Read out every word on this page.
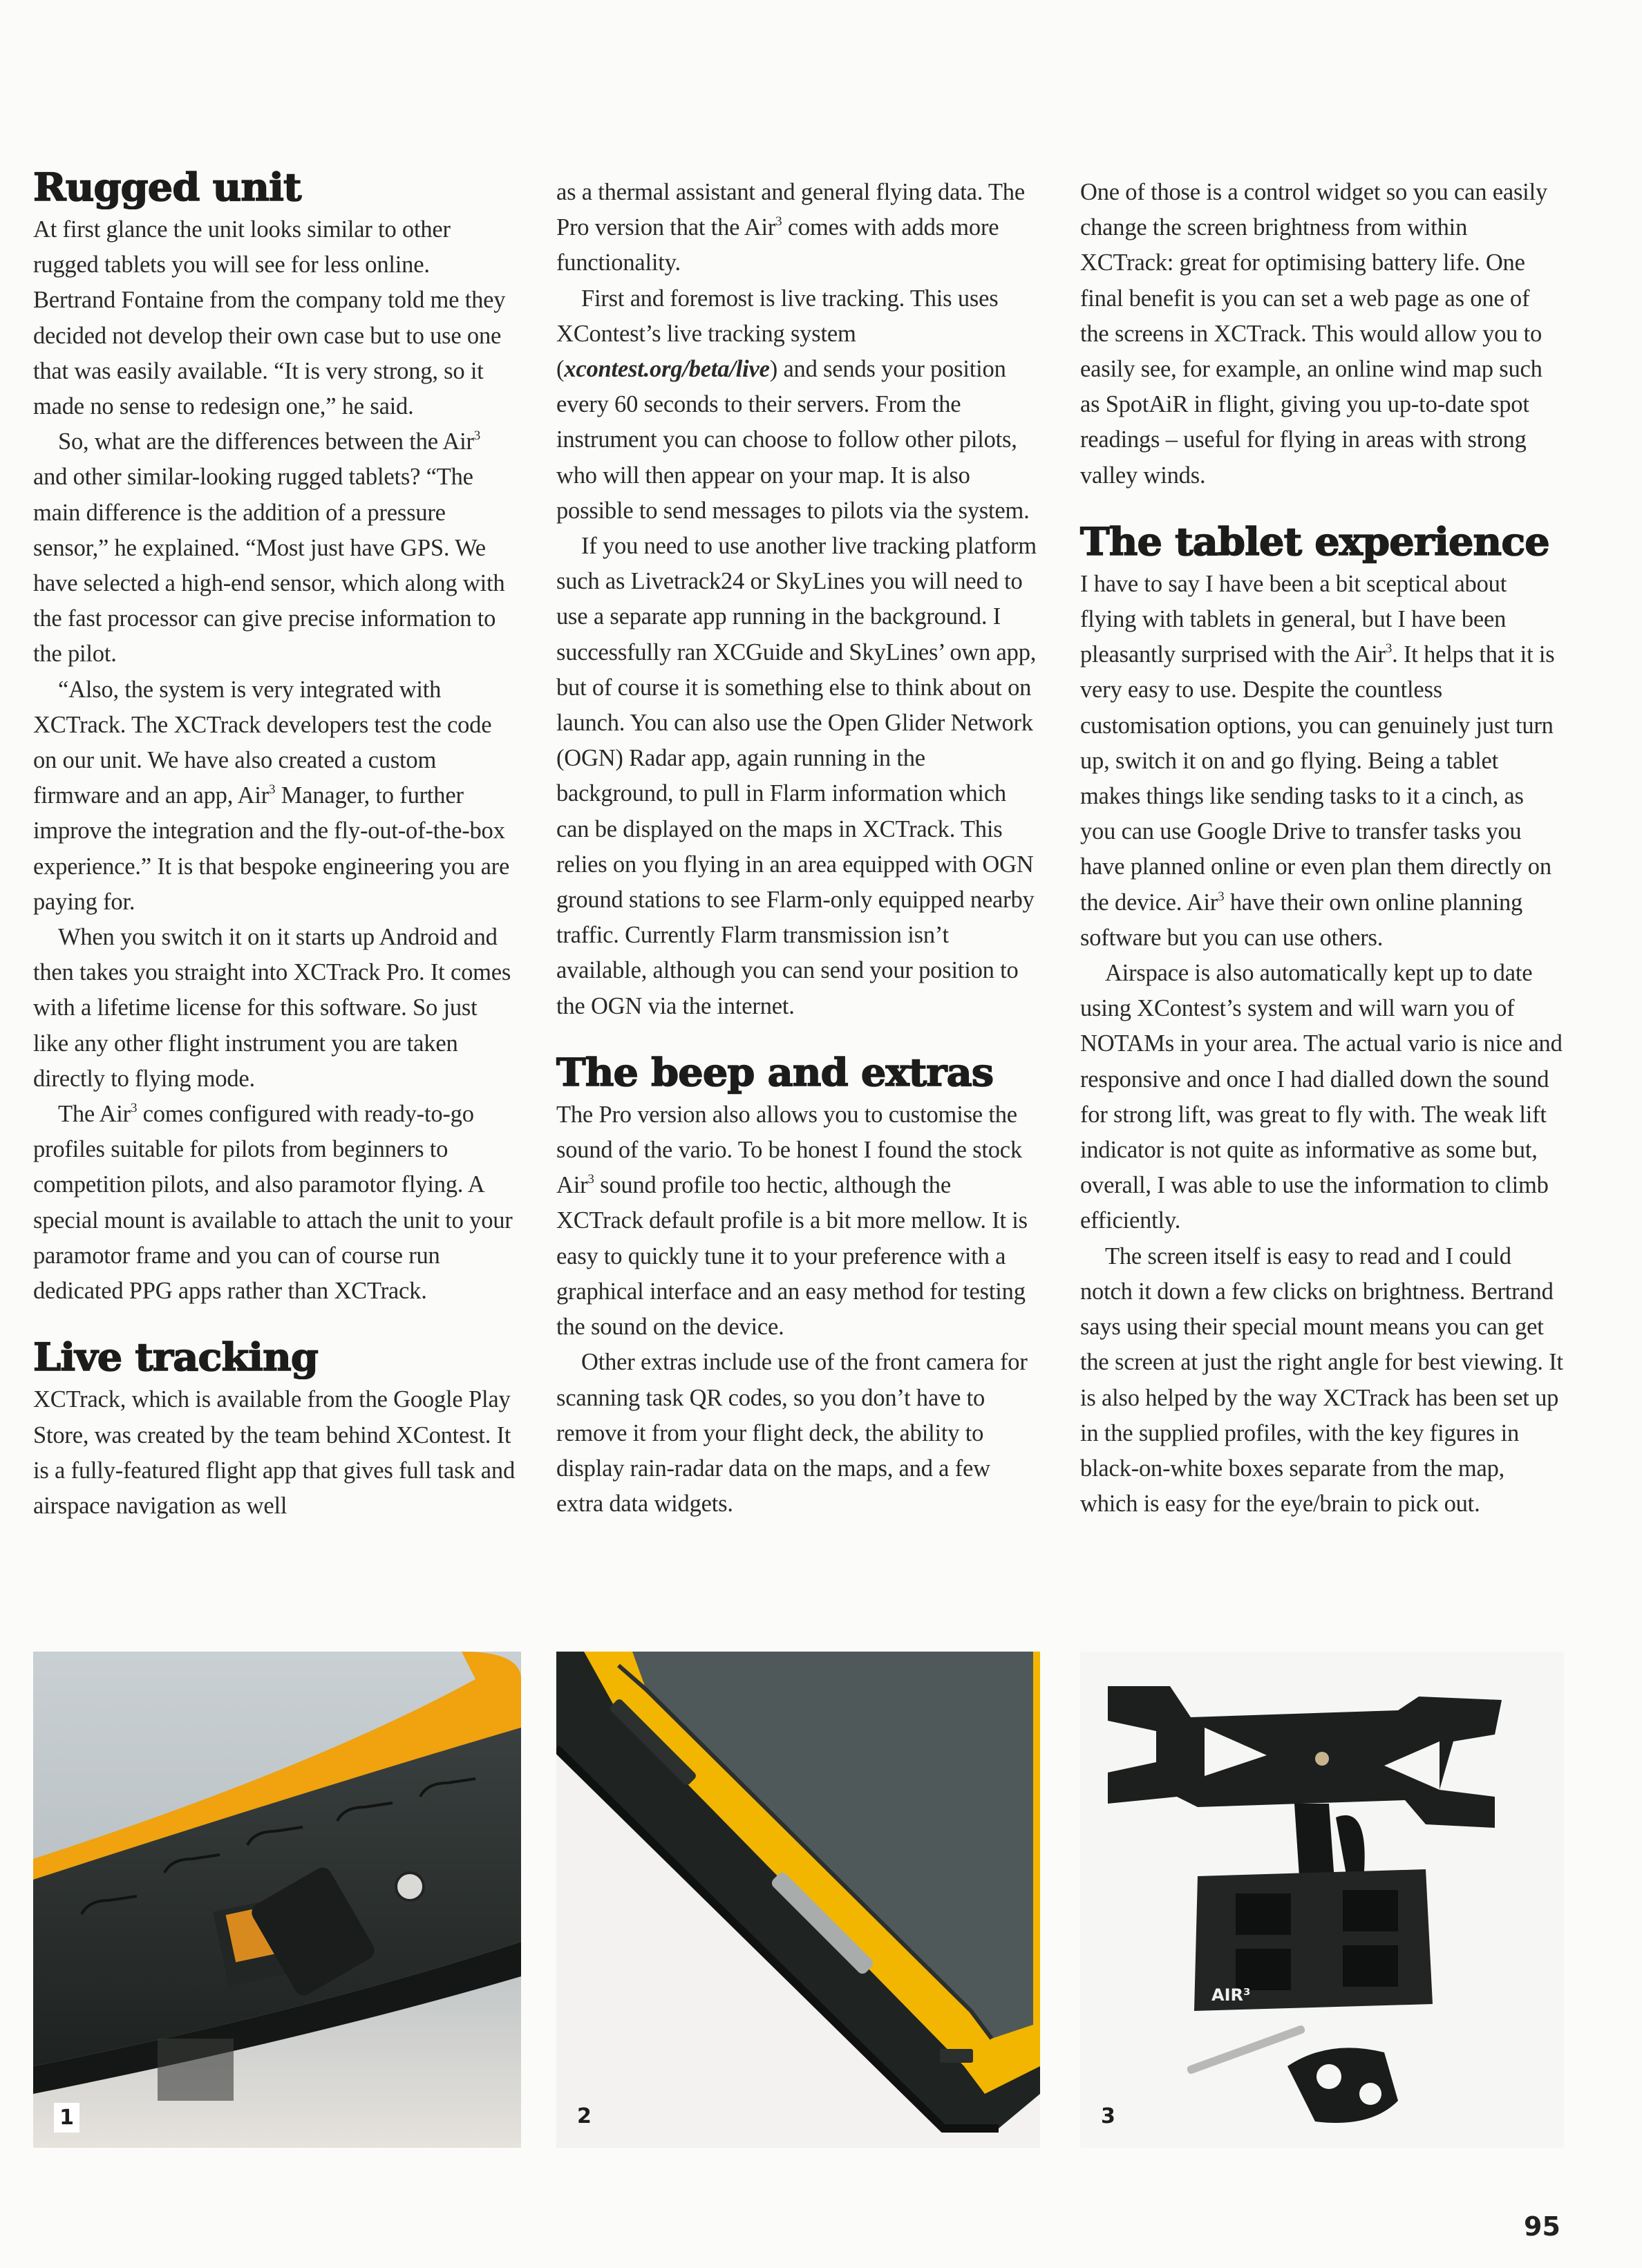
Rugged unit

At first glance the unit looks similar to other rugged tablets you will see for less online. Bertrand Fontaine from the company told me they decided not develop their own case but to use one that was easily available. “It is very strong, so it made no sense to redesign one,” he said.

So, what are the differences between the Air$^3$ and other similar-looking rugged tablets? “The main difference is the addition of a pressure sensor,” he explained. “Most just have GPS. We have selected a high-end sensor, which along with the fast processor can give precise information to the pilot.

“Also, the system is very integrated with XCTrack. The XCTrack developers test the code on our unit. We have also created a custom firmware and an app, Air$^3$ Manager, to further improve the integration and the fly-out-of-the-box experience.” It is that bespoke engineering you are paying for.

When you switch it on it starts up Android and then takes you straight into XCTrack Pro. It comes with a lifetime license for this software. So just like any other flight instrument you are taken directly to flying mode.

The Air$^3$ comes configured with ready-to-go profiles suitable for pilots from beginners to competition pilots, and also paramotor flying. A special mount is available to attach the unit to your paramotor frame and you can of course run dedicated PPG apps rather than XCTrack.

Live tracking

XCTrack, which is available from the Google Play Store, was created by the team behind XContest. It is a fully-featured flight app that gives full task and airspace navigation as well

as a thermal assistant and general flying data. The Pro version that the Air$^3$ comes with adds more functionality.

First and foremost is live tracking. This uses XContest’s live tracking system (xcontest.org/beta/live) and sends your position every 60 seconds to their servers. From the instrument you can choose to follow other pilots, who will then appear on your map. It is also possible to send messages to pilots via the system.

If you need to use another live tracking platform such as Livetrack24 or SkyLines you will need to use a separate app running in the background. I successfully ran XCGuide and SkyLines’ own app, but of course it is something else to think about on launch. You can also use the Open Glider Network (OGN) Radar app, again running in the background, to pull in Flarm information which can be displayed on the maps in XCTrack. This relies on you flying in an area equipped with OGN ground stations to see Flarm-only equipped nearby traffic. Currently Flarm transmission isn’t available, although you can send your position to the OGN via the internet.

The beep and extras

The Pro version also allows you to customise the sound of the vario. To be honest I found the stock Air$^3$ sound profile too hectic, although the XCTrack default profile is a bit more mellow. It is easy to quickly tune it to your preference with a graphical interface and an easy method for testing the sound on the device.

Other extras include use of the front camera for scanning task QR codes, so you don’t have to remove it from your flight deck, the ability to display rain-radar data on the maps, and a few extra data widgets.

One of those is a control widget so you can easily change the screen brightness from within XCTrack: great for optimising battery life. One final benefit is you can set a web page as one of the screens in XCTrack. This would allow you to easily see, for example, an online wind map such as SpotAiR in flight, giving you up-to-date spot readings – useful for flying in areas with strong valley winds.

The tablet experience

I have to say I have been a bit sceptical about flying with tablets in general, but I have been pleasantly surprised with the Air$^3$. It helps that it is very easy to use. Despite the countless customisation options, you can genuinely just turn up, switch it on and go flying. Being a tablet makes things like sending tasks to it a cinch, as you can use Google Drive to transfer tasks you have planned online or even plan them directly on the device. Air$^3$ have their own online planning software but you can use others.

Airspace is also automatically kept up to date using XContest’s system and will warn you of NOTAMs in your area. The actual vario is nice and responsive and once I had dialled down the sound for strong lift, was great to fly with. The weak lift indicator is not quite as informative as some but, overall, I was able to use the information to climb efficiently.

The screen itself is easy to read and I could notch it down a few clicks on brightness. Bertrand says using their special mount means you can get the screen at just the right angle for best viewing. It is also helped by the way XCTrack has been set up in the supplied profiles, with the key figures in black-on-white boxes separate from the map, which is easy for the eye/brain to pick out.

1	2
AIR³
3
95
